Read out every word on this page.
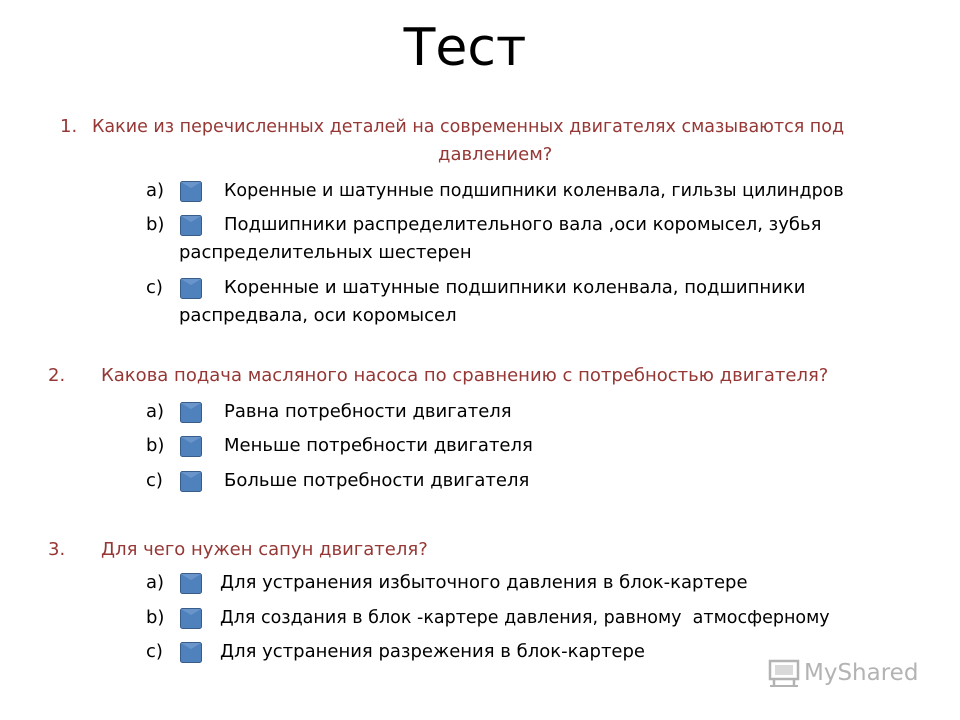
Тест
1. Какие из перечисленных деталей на современных двигателях смазываются под
давлением?
a)	Коренные и шатунные подшипники коленвала, гильзы цилиндров
b)	Подшипники распределительного вала ,оси коромысел, зубья
распределительных шестерен
c)	Коренные и шатунные подшипники коленвала, подшипники
распредвала, оси коромысел
2. Какова подача масляного насоса по сравнению с потребностью двигателя?
a)	Равна потребности двигателя
b)	Меньше потребности двигателя
c)	Больше потребности двигателя
3. Для чего нужен сапун двигателя?
a)	Для устранения избыточного давления в блок-картере
b)	Для создания в блок -картере давления, равному  атмосферному
c)	Для устранения разрежения в блок-картере
MyShared
